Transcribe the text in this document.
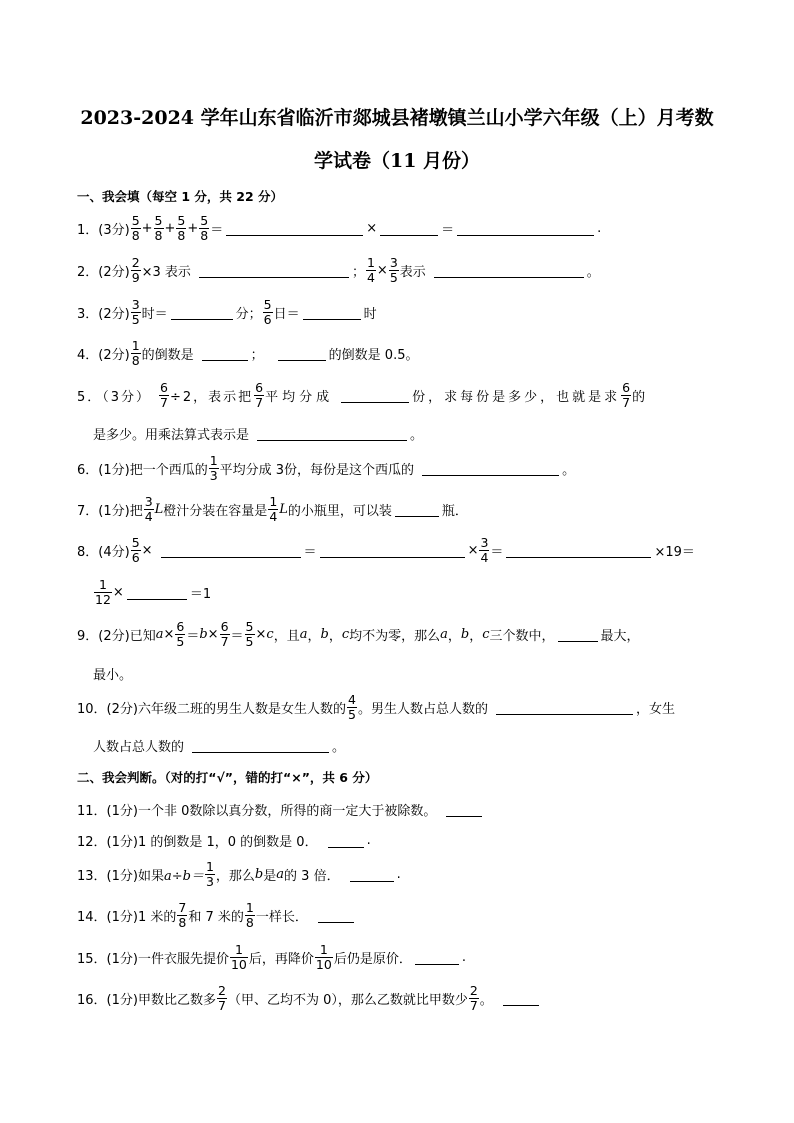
2023-2024 学年山东省临沂市郯城县褚墩镇兰山小学六年级（上）月考数
学试卷（11 月份）
一、我会填（每空 1 分，共 22 分）
1．(3分) $\frac{5}{8} + \frac{5}{8} + \frac{5}{8} + \frac{5}{8}$ ＝	×	＝	.
2．(2分) $\frac{2}{9} \times 3$ 表示	； $\frac{1}{4} \times \frac{3}{5}$ 表示	。
3．(2分) $\frac{3}{5}$ 时＝	分； $\frac{5}{6}$ 日＝	时
4．(2分) $\frac{1}{8}$ 的倒数是	；	的倒数是 0.5。
5．（3分） $\frac{6}{7} \div 2$，表示把 $\frac{6}{7}$ 平均分成	份，求每份是多少，也就是求 $\frac{6}{7}$ 的
是多少。用乘法算式表示是	。
6．(1分) 把一个西瓜的 $\frac{1}{3}$ 平均分成 3份，每份是这个西瓜的	。
7．(1分) 把 $\frac{3}{4}$ L 橙汁分装在容量是 $\frac{1}{4}$ L 的小瓶里，可以装	瓶．
8．(4分) $\frac{5}{6}$ ×	＝	× $\frac{3}{4}$ ＝	×19＝
$\frac{1}{12}$ ×	＝1
9．(2分) 已知 $a \times \frac{6}{5} = b \times \frac{6}{7} = \frac{5}{5} \times c$ ，且 a ， b ， c 均不为零，那么 a ， b ， c 三个数中，	最大，
最小。
10．(2分) 六年级二班的男生人数是女生人数的 $\frac{4}{5}$ 。男生人数占总人数的	，女生
人数占总人数的	。
二、我会判断。（对的打“√”，错的打“×”，共 6 分）
11．(1分) 一个非 0数除以真分数，所得的商一定大于被除数。
12．(1分) 1 的倒数是 1，0 的倒数是 0．	.
13．(1分) 如果 $a\div b= \frac{1}{3}$ ，那么 b 是 a 的 3 倍．	.
14．(1分) 1 米的 $\frac{7}{8}$ 和 7 米的 $\frac{1}{8}$ 一样长．
15．(1分) 一件衣服先提价 $\frac{1}{10}$ 后，再降价 $\frac{1}{10}$ 后仍是原价．	.
16．(1分) 甲数比乙数多 $\frac{2}{7}$ （甲、乙均不为 0），那么乙数就比甲数少 $\frac{2}{7}$ 。
